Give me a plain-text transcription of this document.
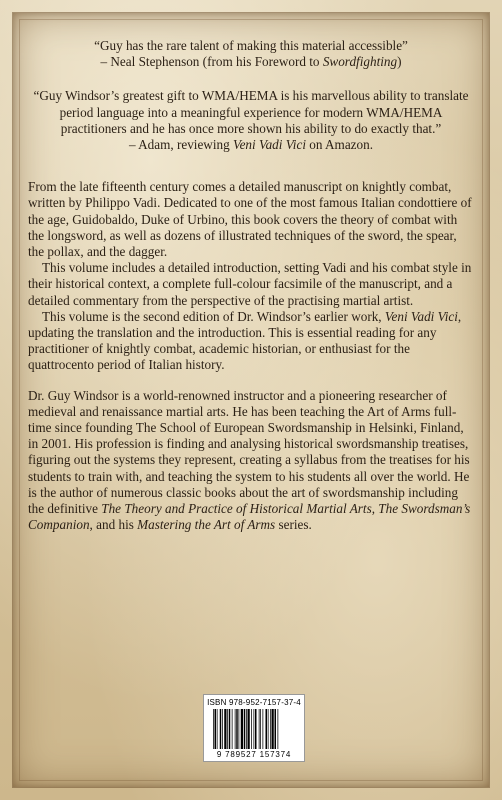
“Guy has the rare talent of making this material accessible”

– Neal Stephenson (from his Foreword to Swordfighting)

“Guy Windsor’s greatest gift to WMA/HEMA is his marvellous ability to translate period language into a meaningful experience for modern WMA/HEMA practitioners and he has once more shown his ability to do exactly that.”

– Adam, reviewing Veni Vadi Vici on Amazon.

From the late fifteenth century comes a detailed manuscript on knightly combat, written by Philippo Vadi. Dedicated to one of the most famous Italian condottiere of the age, Guidobaldo, Duke of Urbino, this book covers the theory of combat with the longsword, as well as dozens of illustrated techniques of the sword, the spear, the pollax, and the dagger.

This volume includes a detailed introduction, setting Vadi and his combat style in their historical context, a complete full-colour facsimile of the manuscript, and a detailed commentary from the perspective of the practising martial artist.

This volume is the second edition of Dr. Windsor’s earlier work, Veni Vadi Vici, updating the translation and the introduction. This is essential reading for any practitioner of knightly combat, academic historian, or enthusiast for the quattrocento period of Italian history.

Dr. Guy Windsor is a world-renowned instructor and a pioneering researcher of medieval and renaissance martial arts. He has been teaching the Art of Arms full-time since founding The School of European Swordsmanship in Helsinki, Finland, in 2001. His profession is finding and analysing historical swordsmanship treatises, figuring out the systems they represent, creating a syllabus from the treatises for his students to train with, and teaching the system to his students all over the world. He is the author of numerous classic books about the art of swordsmanship including the definitive The Theory and Practice of Historical Martial Arts, The Swordsman’s Companion, and his Mastering the Art of Arms series.

ISBN 978-952-7157-37-4
9 789527 157374
